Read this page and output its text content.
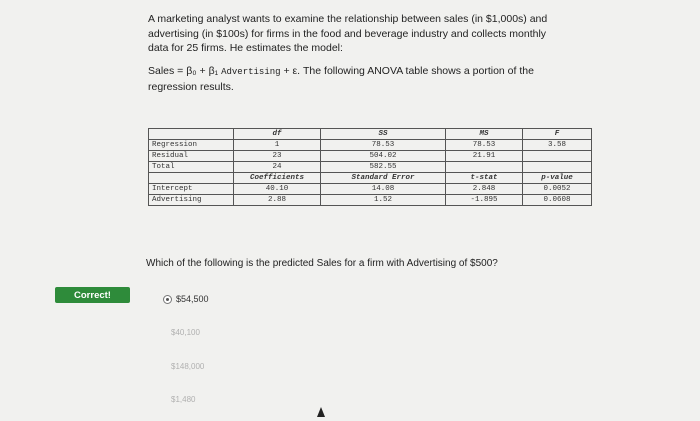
A marketing analyst wants to examine the relationship between sales (in $1,000s) and advertising (in $100s) for firms in the food and beverage industry and collects monthly data for 25 firms. He estimates the model:
Sales = β₀ + β₁ Advertising + ε. The following ANOVA table shows a portion of the regression results.
	df	SS	MS	F
Regression	1	78.53	78.53	3.58
Residual	23	504.02	21.91	
Total	24	582.55		
	Coefficients	Standard Error	t-stat	p-value
Intercept	40.10	14.08	2.848	0.0052
Advertising	2.88	1.52	-1.895	0.0608
Which of the following is the predicted Sales for a firm with Advertising of $500?
Correct!	$54,500
$40,100
$148,000
$1,480
